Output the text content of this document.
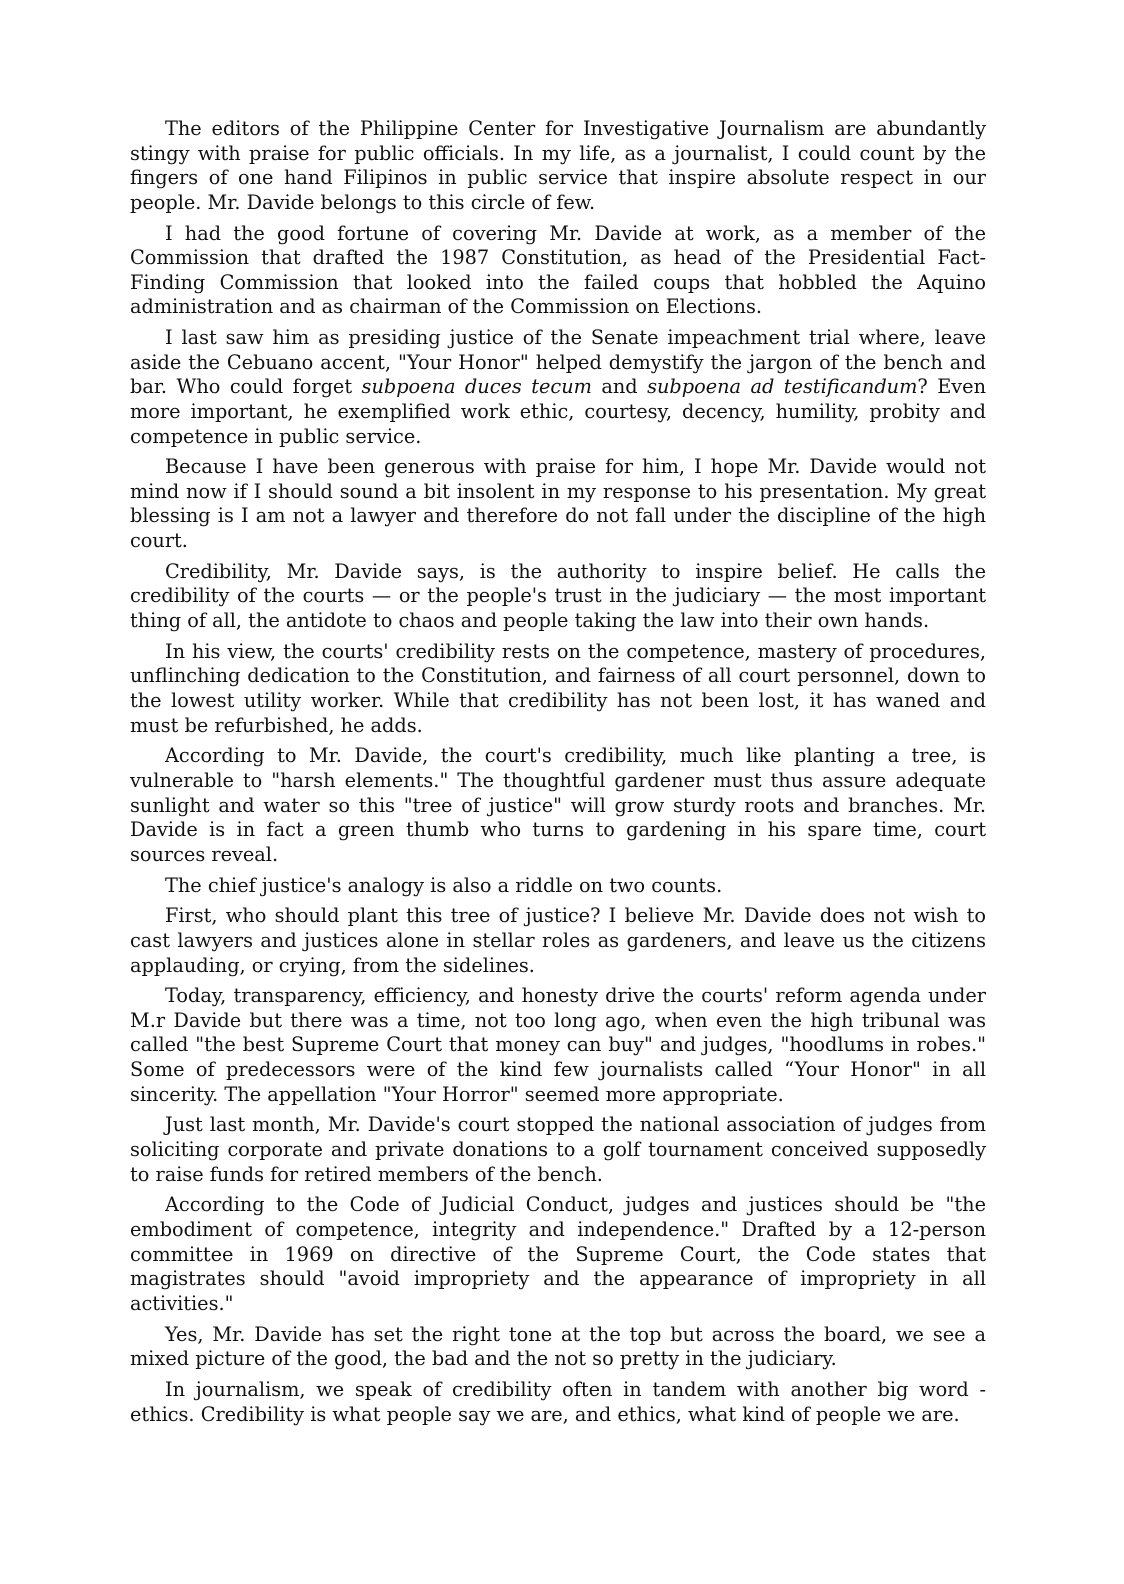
The editors of the Philippine Center for Investigative Journalism are abundantly stingy with praise for public officials. In my life, as a journalist, I could count by the fingers of one hand Filipinos in public service that inspire absolute respect in our people. Mr. Davide belongs to this circle of few.

I had the good fortune of covering Mr. Davide at work, as a member of the Commission that drafted the 1987 Constitution, as head of the Presidential Fact-Finding Commission that looked into the failed coups that hobbled the Aquino administration and as chairman of the Commission on Elections.

I last saw him as presiding justice of the Senate impeachment trial where, leave aside the Cebuano accent, "Your Honor" helped demystify the jargon of the bench and bar. Who could forget subpoena duces tecum and subpoena ad testificandum? Even more important, he exemplified work ethic, courtesy, decency, humility, probity and competence in public service.

Because I have been generous with praise for him, I hope Mr. Davide would not mind now if I should sound a bit insolent in my response to his presentation. My great blessing is I am not a lawyer and therefore do not fall under the discipline of the high court.

Credibility, Mr. Davide says, is the authority to inspire belief. He calls the credibility of the courts — or the people's trust in the judiciary — the most important thing of all, the antidote to chaos and people taking the law into their own hands.

In his view, the courts' credibility rests on the competence, mastery of procedures, unflinching dedication to the Constitution, and fairness of all court personnel, down to the lowest utility worker. While that credibility has not been lost, it has waned and must be refurbished, he adds.

According to Mr. Davide, the court's credibility, much like planting a tree, is vulnerable to "harsh elements." The thoughtful gardener must thus assure adequate sunlight and water so this "tree of justice" will grow sturdy roots and branches. Mr. Davide is in fact a green thumb who turns to gardening in his spare time, court sources reveal.

The chief justice's analogy is also a riddle on two counts.

First, who should plant this tree of justice? I believe Mr. Davide does not wish to cast lawyers and justices alone in stellar roles as gardeners, and leave us the citizens applauding, or crying, from the sidelines.

Today, transparency, efficiency, and honesty drive the courts' reform agenda under M.r Davide but there was a time, not too long ago, when even the high tribunal was called "the best Supreme Court that money can buy" and judges, "hoodlums in robes." Some of predecessors were of the kind few journalists called “Your Honor" in all sincerity. The appellation "Your Horror" seemed more appropriate.

Just last month, Mr. Davide's court stopped the national association of judges from soliciting corporate and private donations to a golf tournament conceived supposedly to raise funds for retired members of the bench.

According to the Code of Judicial Conduct, judges and justices should be "the embodiment of competence, integrity and independence." Drafted by a 12-person committee in 1969 on directive of the Supreme Court, the Code states that magistrates should "avoid impropriety and the appearance of impropriety in all activities."

Yes, Mr. Davide has set the right tone at the top but across the board, we see a mixed picture of the good, the bad and the not so pretty in the judiciary.

In journalism, we speak of credibility often in tandem with another big word - ethics. Credibility is what people say we are, and ethics, what kind of people we are.
